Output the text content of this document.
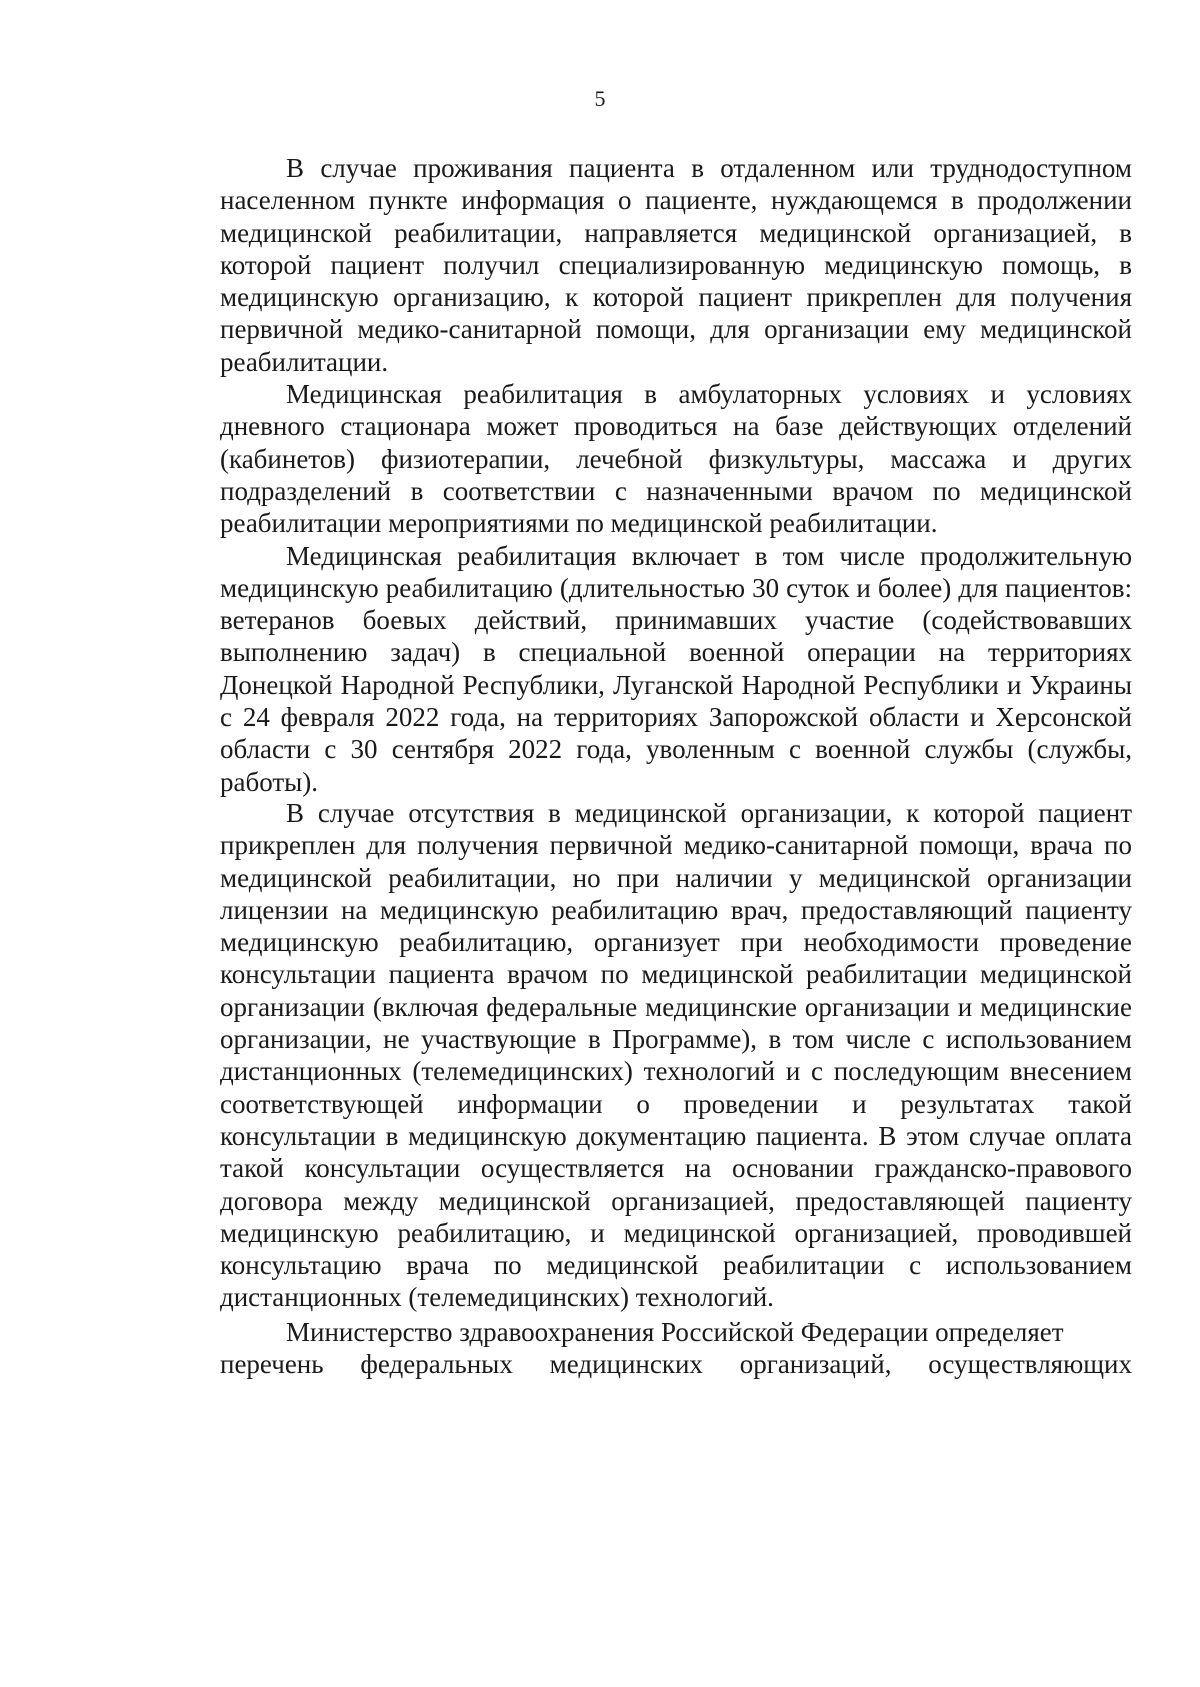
5

В случае проживания пациента в отдаленном или труднодоступном населенном пункте информация о пациенте, нуждающемся в продолжении медицинской реабилитации, направляется медицинской организацией, в которой пациент получил специализированную медицинскую помощь, в медицинскую организацию, к которой пациент прикреплен для получения первичной медико-санитарной помощи, для организации ему медицинской реабилитации.

Медицинская реабилитация в амбулаторных условиях и условиях дневного стационара может проводиться на базе действующих отделений (кабинетов) физиотерапии, лечебной физкультуры, массажа и других подразделений в соответствии с назначенными врачом по медицинской реабилитации мероприятиями по медицинской реабилитации.

Медицинская реабилитация включает в том числе продолжительную медицинскую реабилитацию (длительностью 30 суток и более) для пациентов: ветеранов боевых действий, принимавших участие (содействовавших выполнению задач) в специальной военной операции на территориях Донецкой Народной Республики, Луганской Народной Республики и Украины с 24 февраля 2022 года, на территориях Запорожской области и Херсонской области с 30 сентября 2022 года, уволенным с военной службы (службы, работы).

В случае отсутствия в медицинской организации, к которой пациент прикреплен для получения первичной медико-санитарной помощи, врача по медицинской реабилитации, но при наличии у медицинской организации лицензии на медицинскую реабилитацию врач, предоставляющий пациенту медицинскую реабилитацию, организует при необходимости проведение консультации пациента врачом по медицинской реабилитации медицинской организации (включая федеральные медицинские организации и медицинские организации, не участвующие в Программе), в том числе с использованием дистанционных (телемедицинских) технологий и с последующим внесением соответствующей информации о проведении и результатах такой консультации в медицинскую документацию пациента. В этом случае оплата такой консультации осуществляется на основании гражданско-правового договора между медицинской организацией, предоставляющей пациенту медицинскую реабилитацию, и медицинской организацией, проводившей консультацию врача по медицинской реабилитации с использованием дистанционных (телемедицинских) технологий.

Министерство здравоохранения Российской Федерации определяет
перечень федеральных медицинских организаций, осуществляющих
